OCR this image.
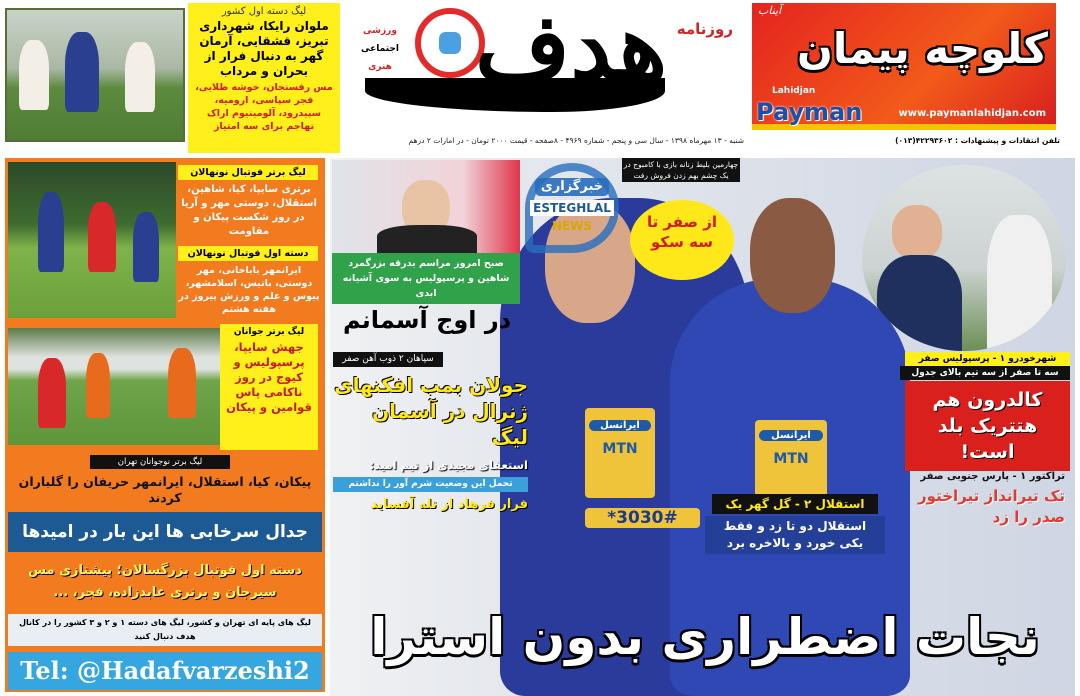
لیگ دسته اول کشور
ملوان رایکا، شهرداری تبریز، قشقایی، آرمان گهر به دنبال فرار از بحران و مرداب
مس رفسنجان، خوشه طلایی، فجر سپاسی، ارومیه، سپیدرود، آلومینیوم اراک تهاجم برای سه امتیاز
هدف روزنامه
ورزشی
اجتماعی
هنری
شنبه - ۱۳ مهرماه ۱۳۹۸ - سال سی و پنجم - شماره ۴۹۶۹ - ۸صفحه - قیمت ۲۰۰۰ تومان - در امارات ۲ درهم
کلوچه پیمان
آیناب
Lahidjan
Payman	www.paymanlahidjan.com
تلفن انتقادات و پیشنهادات : ۴۲۲۹۳۶۰۲(۰۱۳)
لیگ برتر فوتبال نونهالان
برتری سایپا، کیا، شاهین، استقلال، دوستی مهر و آریا در روز شکست پیکان و مقاومت
دسته اول فوتبال نونهالان
ایرانمهر باباخانی، مهر دوستی، باتیس، اسلامشهر، پیوس و علم و ورزش پیروز در هفته هشتم
لیگ برتر جوانان
جهش سایپا، پرسپولیس و کیوج در روز ناکامی پاس قوامین و پیکان
لیگ برتر نوجوانان تهران
پیکان، کیا، استقلال، ایرانمهر حریفان را گلباران کردند
جدال سرخابی ها این بار در امیدها
دسته اول فوتبال بزرگسالان؛ پیشتازی مس سیرجان و برتری عابدزاده، فجر، ...
لیگ های پایه ای تهران و کشور، لیگ های دسته ۱ و ۲ و ۳ کشور را در کانال هدف دنبال کنید
Tel: @Hadafvarzeshi2
ایرانسل
MTN
*3030#
ایرانسل
MTN
صبح امروز مراسم بدرقه بزرگمرد شاهین و پرسپولیس به سوی آشیانه ابدی
در اوج آسمانم
چهارمین بلیط زنانه بازی با کامبوج در یک چشم بهم زدن فروش رفت
از صفر تا سه سکو
خبرگزاری
ESTEGHLAL
NEWS
سپاهان ۲ ذوب آهن صفر
جولان بمب افکنهای ژنرال در آسمان لیگ
استعفای مجیدی از تیم امید:
تحمل این وضعیت شرم آور را نداشتم
فرار فرهاد از تله آفساید	استقلال ۲ - گل گهر یک
استقلال دو تا زد و فقط یکی خورد و بالاخره برد
شهرخودرو ۱ - پرسپولیس صفر
سه تا صفر از سه تیم بالای جدول
کالدرون هم هتتریک بلد است!
تراکتور ۱ - پارس جنوبی صفر
تک تیرانداز تیراختور صدر را زد
نجات اضطراری بدون استرا
